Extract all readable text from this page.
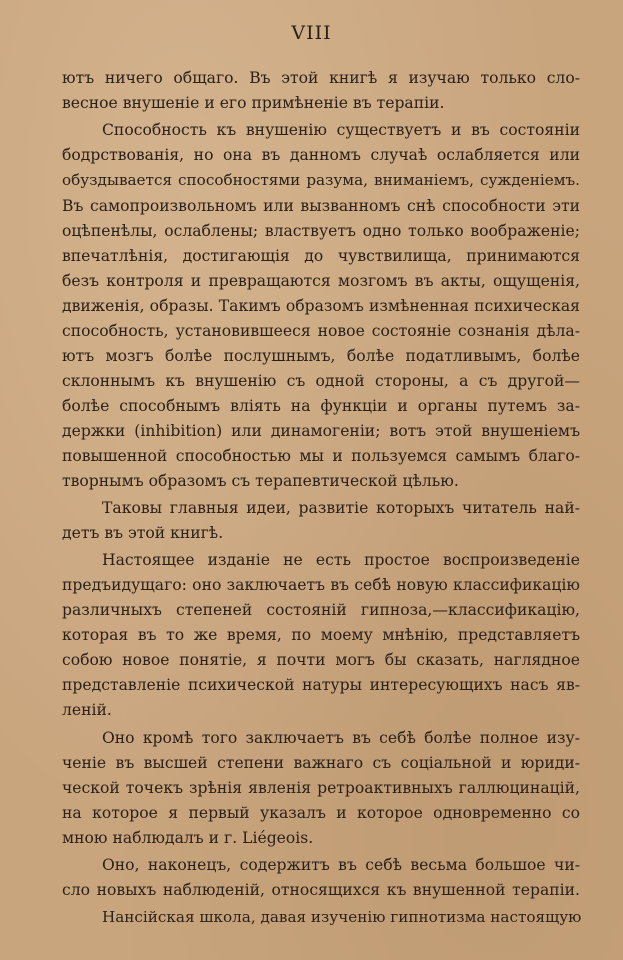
VIII
ютъ ничего общаго. Въ этой книгѣ я изучаю только сло-
весное внушеніе и его примѣненіе въ терапіи.
Способность къ внушенію существуетъ и въ состояніи
бодрствованія, но она въ данномъ случаѣ ослабляется или
обуздывается способностями разума, вниманіемъ, сужденіемъ.
Въ самопроизвольномъ или вызванномъ снѣ способности эти
оцѣпенѣлы, ослаблены; властвуетъ одно только воображеніе;
впечатлѣнія, достигающія до чувствилища, принимаются
безъ контроля и превращаются мозгомъ въ акты, ощущенія,
движенія, образы. Такимъ образомъ измѣненная психическая
способность, установившееся новое состояніе сознанія дѣла-
ютъ мозгъ болѣе послушнымъ, болѣе податливымъ, болѣе
склоннымъ къ внушенію съ одной стороны, а съ другой—
болѣе способнымъ вліять на функціи и органы путемъ за-
держки (inhibition) или динамогеніи; вотъ этой внушеніемъ
повышенной способностью мы и пользуемся самымъ благо-
творнымъ образомъ съ терапевтической цѣлью.
Таковы главныя идеи, развитіе которыхъ читатель най-
детъ въ этой книгѣ.
Настоящее изданіе не есть простое воспроизведеніе
предъидущаго: оно заключаетъ въ себѣ новую классификацію
различныхъ степеней состояній гипноза,—классификацію,
которая въ то же время, по моему мнѣнію, представляетъ
собою новое понятіе, я почти могъ бы сказать, наглядное
представленіе психической натуры интересующихъ насъ яв-
леній.
Оно кромѣ того заключаетъ въ себѣ болѣе полное изу-
ченіе въ высшей степени важнаго съ соціальной и юриди-
ческой точекъ зрѣнія явленія ретроактивныхъ галлюцинацій,
на которое я первый указалъ и которое одновременно со
мною наблюдалъ и г. Liégeois.
Оно, наконецъ, содержитъ въ себѣ весьма большое чи-
сло новыхъ наблюденій, относящихся къ внушенной терапіи.
Нансійская школа, давая изученію гипнотизма настоящую
